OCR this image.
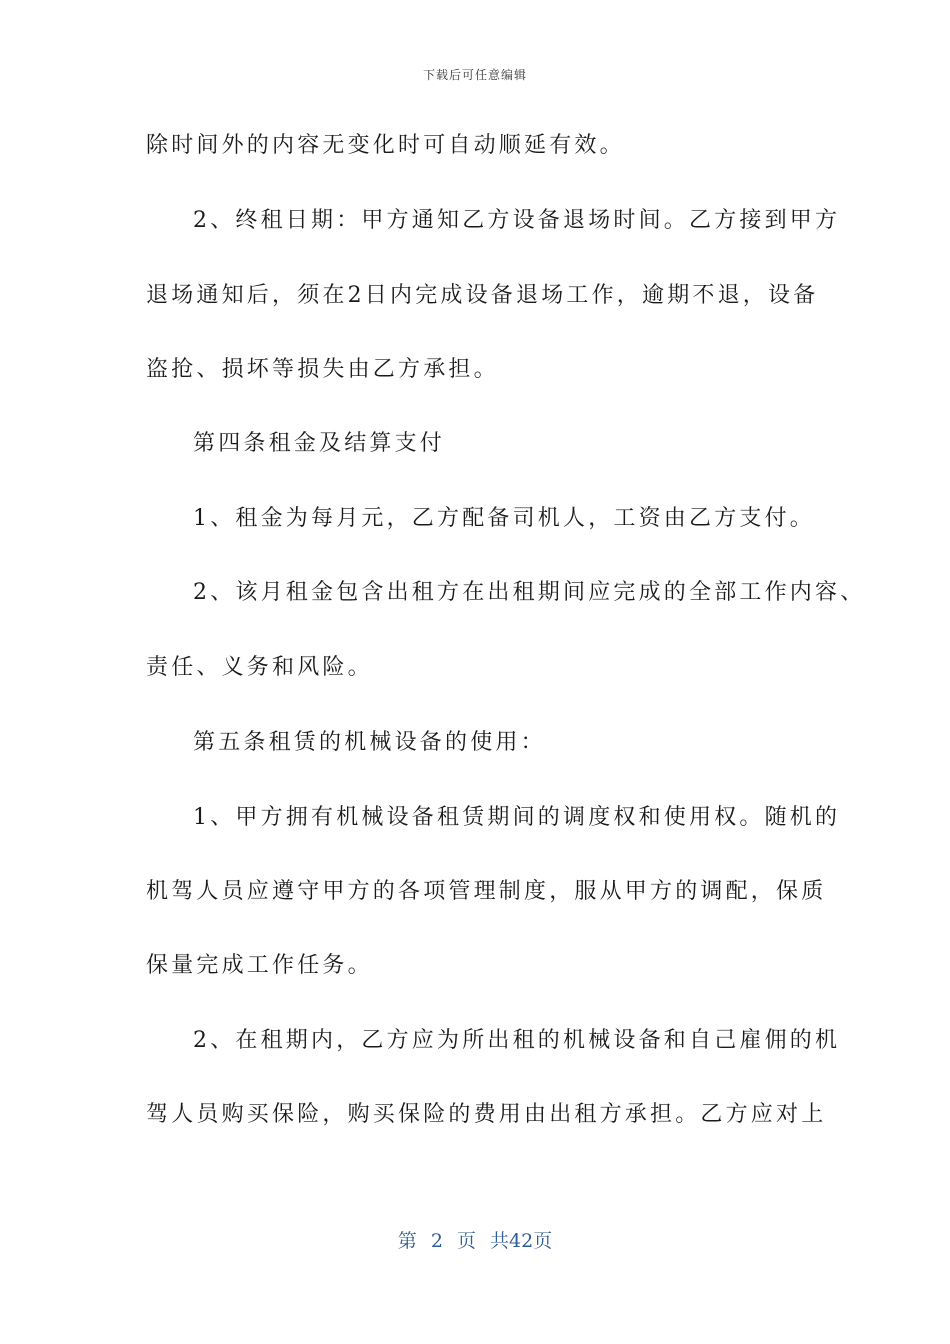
下载后可任意编辑
除时间外的内容无变化时可自动顺延有效。
2、终租日期：甲方通知乙方设备退场时间。乙方接到甲方
退场通知后，须在2日内完成设备退场工作，逾期不退，设备
盗抢、损坏等损失由乙方承担。
第四条租金及结算支付
1、租金为每月元，乙方配备司机人，工资由乙方支付。
2、该月租金包含出租方在出租期间应完成的全部工作内容、
责任、义务和风险。
第五条租赁的机械设备的使用：
1、甲方拥有机械设备租赁期间的调度权和使用权。随机的
机驾人员应遵守甲方的各项管理制度，服从甲方的调配，保质
保量完成工作任务。
2、在租期内，乙方应为所出租的机械设备和自己雇佣的机
驾人员购买保险，购买保险的费用由出租方承担。乙方应对上
第 2 页 共42页
